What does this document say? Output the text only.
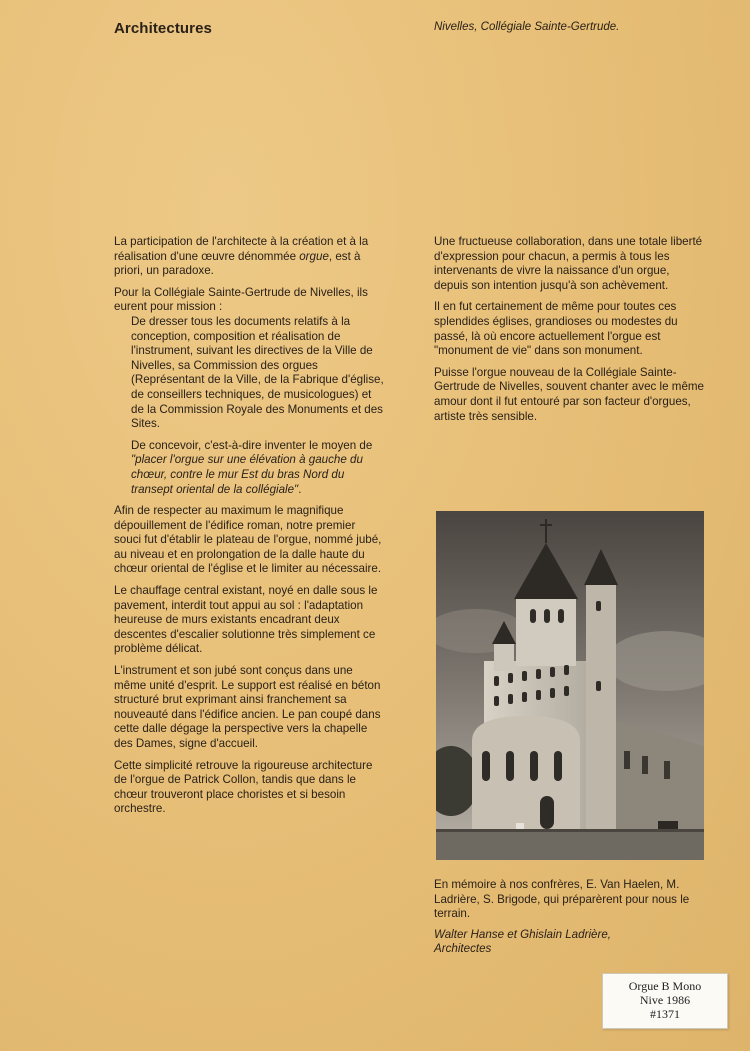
Architectures	Nivelles, Collégiale Sainte-Gertrude.

La participation de l'architecte à la création et à la réalisation d'une œuvre dénommée orgue, est à priori, un paradoxe.

Pour la Collégiale Sainte-Gertrude de Nivelles, ils eurent pour mission :

De dresser tous les documents relatifs à la conception, composition et réalisation de l'instrument, suivant les directives de la Ville de Nivelles, sa Commission des orgues (Représentant de la Ville, de la Fabrique d'église, de conseillers techniques, de musicologues) et de la Commission Royale des Monuments et des Sites.

De concevoir, c'est-à-dire inventer le moyen de "placer l'orgue sur une élévation à gauche du chœur, contre le mur Est du bras Nord du transept oriental de la collégiale".

Afin de respecter au maximum le magnifique dépouillement de l'édifice roman, notre premier souci fut d'établir le plateau de l'orgue, nommé jubé, au niveau et en prolongation de la dalle haute du chœur oriental de l'église et le limiter au nécessaire.

Le chauffage central existant, noyé en dalle sous le pavement, interdit tout appui au sol : l'adaptation heureuse de murs existants encadrant deux descentes d'escalier solutionne très simplement ce problème délicat.

L'instrument et son jubé sont conçus dans une même unité d'esprit. Le support est réalisé en béton structuré brut exprimant ainsi franchement sa nouveauté dans l'édifice ancien. Le pan coupé dans cette dalle dégage la perspective vers la chapelle des Dames, signe d'accueil.

Cette simplicité retrouve la rigoureuse architecture de l'orgue de Patrick Collon, tandis que dans le chœur trouveront place choristes et si besoin orchestre.

Une fructueuse collaboration, dans une totale liberté d'expression pour chacun, a permis à tous les intervenants de vivre la naissance d'un orgue, depuis son intention jusqu'à son achèvement.

Il en fut certainement de même pour toutes ces splendides églises, grandioses ou modestes du passé, là où encore actuellement l'orgue est "monument de vie" dans son monument.

Puisse l'orgue nouveau de la Collégiale Sainte-Gertrude de Nivelles, souvent chanter avec le même amour dont il fut entouré par son facteur d'orgues, artiste très sensible.

En mémoire à nos confrères, E. Van Haelen, M. Ladrière, S. Brigode, qui préparèrent pour nous le terrain.

Walter Hanse et Ghislain Ladrière,
Architectes

Orgue B Mono
Nive 1986
#1371
